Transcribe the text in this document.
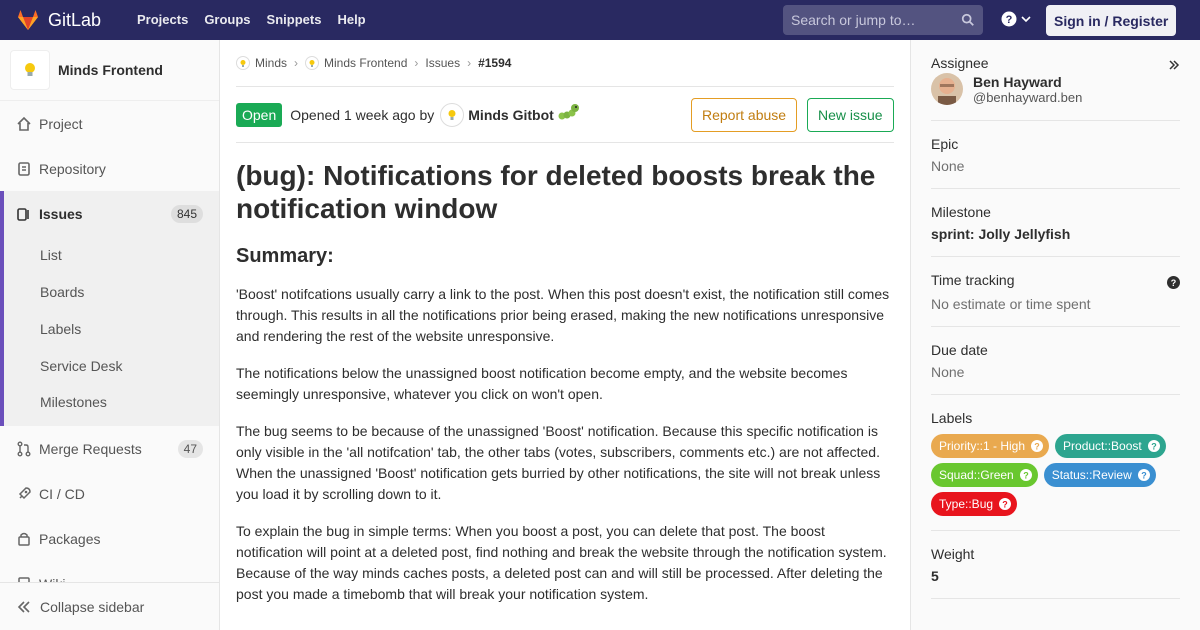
GitLab	Projects	Groups	Snippets	Help
Search or jump to…	?	Sign in / Register
Minds Frontend
Project
Repository
Issues	845
List
Boards
Labels
Service Desk
Milestones
Merge Requests	47
CI / CD
Packages
Collapse sidebar
Minds › Minds Frontend › Issues › #1594
Open	Opened
1 week ago
by Minds Gitbot	Report abuse	New issue
(bug): Notifications for deleted boosts break the notification window
Summary:

'Boost' notifcations usually carry a link to the post. When this post doesn't exist, the notification still comes through. This results in all the notifications prior being erased, making the new notifications unresponsive and rendering the rest of the website unresponsive.

The notifications below the unassigned boost notification become empty, and the website becomes seemingly unresponsive, whatever you click on won't open.

The bug seems to be because of the unassigned 'Boost' notification. Because this specific notification is only visible in the 'all notifcation' tab, the other tabs (votes, subscribers, comments etc.) are not affected. When the unassigned 'Boost' notification gets burried by other notifications, the site will not break unless you load it by scrolling down to it.

To explain the bug in simple terms: When you boost a post, you can delete that post. The boost notification will point at a deleted post, find nothing and break the website through the notification system. Because of the way minds caches posts, a deleted post can and will still be processed. After deleting the post you made a timebomb that will break your notification system.

Assignee
Ben Hayward
@benhayward.ben
Epic
None
Milestone
sprint: Jolly Jellyfish
Time tracking	?
No estimate or time spent
Due date
None
Labels
Priority::1 - High ? Product::Boost ?
Squad::Green ? Status::Review ?
Type::Bug ?
Weight
5
